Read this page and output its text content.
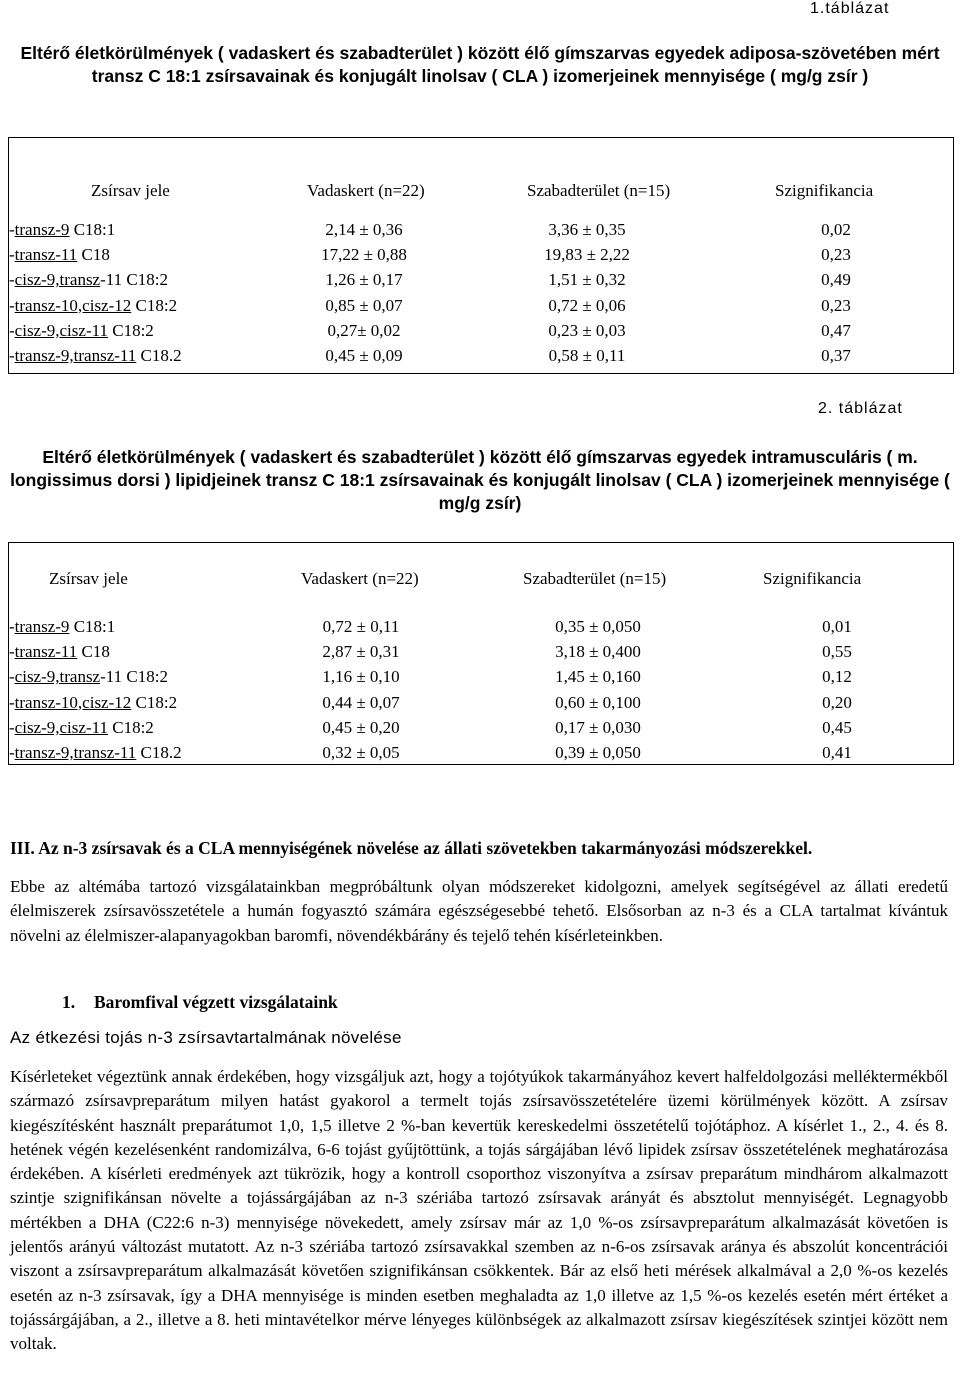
1.táblázat
Eltérő életkörülmények ( vadaskert és szabadterület ) között élő gímszarvas egyedek adiposa-szövetében mért transz C 18:1 zsírsavainak és konjugált linolsav ( CLA ) izomerjeinek mennyisége ( mg/g zsír )
Zsírsav jele	Vadaskert (n=22)	Szabadterület (n=15)	Szignifikancia
-transz-9 C18:1	2,14 ± 0,36	3,36 ± 0,35	0,02
-transz-11 C18	17,22 ± 0,88	19,83 ± 2,22	0,23
-cisz-9,transz-11 C18:2	1,26 ± 0,17	1,51 ± 0,32	0,49
-transz-10,cisz-12 C18:2	0,85 ± 0,07	0,72 ± 0,06	0,23
-cisz-9,cisz-11 C18:2	0,27± 0,02	0,23 ± 0,03	0,47
-transz-9,transz-11 C18.2	0,45 ± 0,09	0,58 ± 0,11	0,37
2. táblázat
Eltérő életkörülmények ( vadaskert és szabadterület ) között élő gímszarvas egyedek intramusculáris ( m. longissimus dorsi ) lipidjeinek transz C 18:1 zsírsavainak és konjugált linolsav ( CLA ) izomerjeinek mennyisége ( mg/g zsír)
Zsírsav jele	Vadaskert (n=22)	Szabadterület (n=15)	Szignifikancia
-transz-9 C18:1	0,72 ± 0,11	0,35 ± 0,050	0,01
-transz-11 C18	2,87 ± 0,31	3,18 ± 0,400	0,55
-cisz-9,transz-11 C18:2	1,16 ± 0,10	1,45 ± 0,160	0,12
-transz-10,cisz-12 C18:2	0,44 ± 0,07	0,60 ± 0,100	0,20
-cisz-9,cisz-11 C18:2	0,45 ± 0,20	0,17 ± 0,030	0,45
-transz-9,transz-11 C18.2	0,32 ± 0,05	0,39 ± 0,050	0,41
III. Az n-3 zsírsavak és a CLA mennyiségének növelése az állati szövetekben takarmányozási módszerekkel.
Ebbe az altémába tartozó vizsgálatainkban megpróbáltunk olyan módszereket kidolgozni, amelyek segítségével az állati eredetű élelmiszerek zsírsavösszetétele a humán fogyasztó számára egészségesebbé tehető. Elsősorban az n-3 és a CLA tartalmat kívántuk növelni az élelmiszer-alapanyagokban baromfi, növendékbárány és tejelő tehén kísérleteinkben.
1. Baromfival végzett vizsgálataink
Az étkezési tojás n-3 zsírsavtartalmának növelése
Kísérleteket végeztünk annak érdekében, hogy vizsgáljuk azt, hogy a tojótyúkok takarmányához kevert halfeldolgozási melléktermékből származó zsírsavpreparátum milyen hatást gyakorol a termelt tojás zsírsavösszetételére üzemi körülmények között. A zsírsav kiegészítésként használt preparátumot 1,0, 1,5 illetve 2 %-ban kevertük kereskedelmi összetételű tojótáphoz. A kísérlet 1., 2., 4. és 8. hetének végén kezelésenként randomizálva, 6-6 tojást gyűjtöttünk, a tojás sárgájában lévő lipidek zsírsav összetételének meghatározása érdekében. A kísérleti eredmények azt tükrözik, hogy a kontroll csoporthoz viszonyítva a zsírsav preparátum mindhárom alkalmazott szintje szignifikánsan növelte a tojássárgájában az n-3 szériába tartozó zsírsavak arányát és absztolut mennyiségét. Legnagyobb mértékben a DHA (C22:6 n-3) mennyisége növekedett, amely zsírsav már az 1,0 %-os zsírsavpreparátum alkalmazását követően is jelentős arányú változást mutatott. Az n-3 szériába tartozó zsírsavakkal szemben az n-6-os zsírsavak aránya és abszolút koncentrációi viszont a zsírsavpreparátum alkalmazását követően szignifikánsan csökkentek. Bár az első heti mérések alkalmával a 2,0 %-os kezelés esetén az n-3 zsírsavak, így a DHA mennyisége is minden esetben meghaladta az 1,0 illetve az 1,5 %-os kezelés esetén mért értéket a tojássárgájában, a 2., illetve a 8. heti mintavételkor mérve lényeges különbségek az alkalmazott zsírsav kiegészítések szintjei között nem voltak.
